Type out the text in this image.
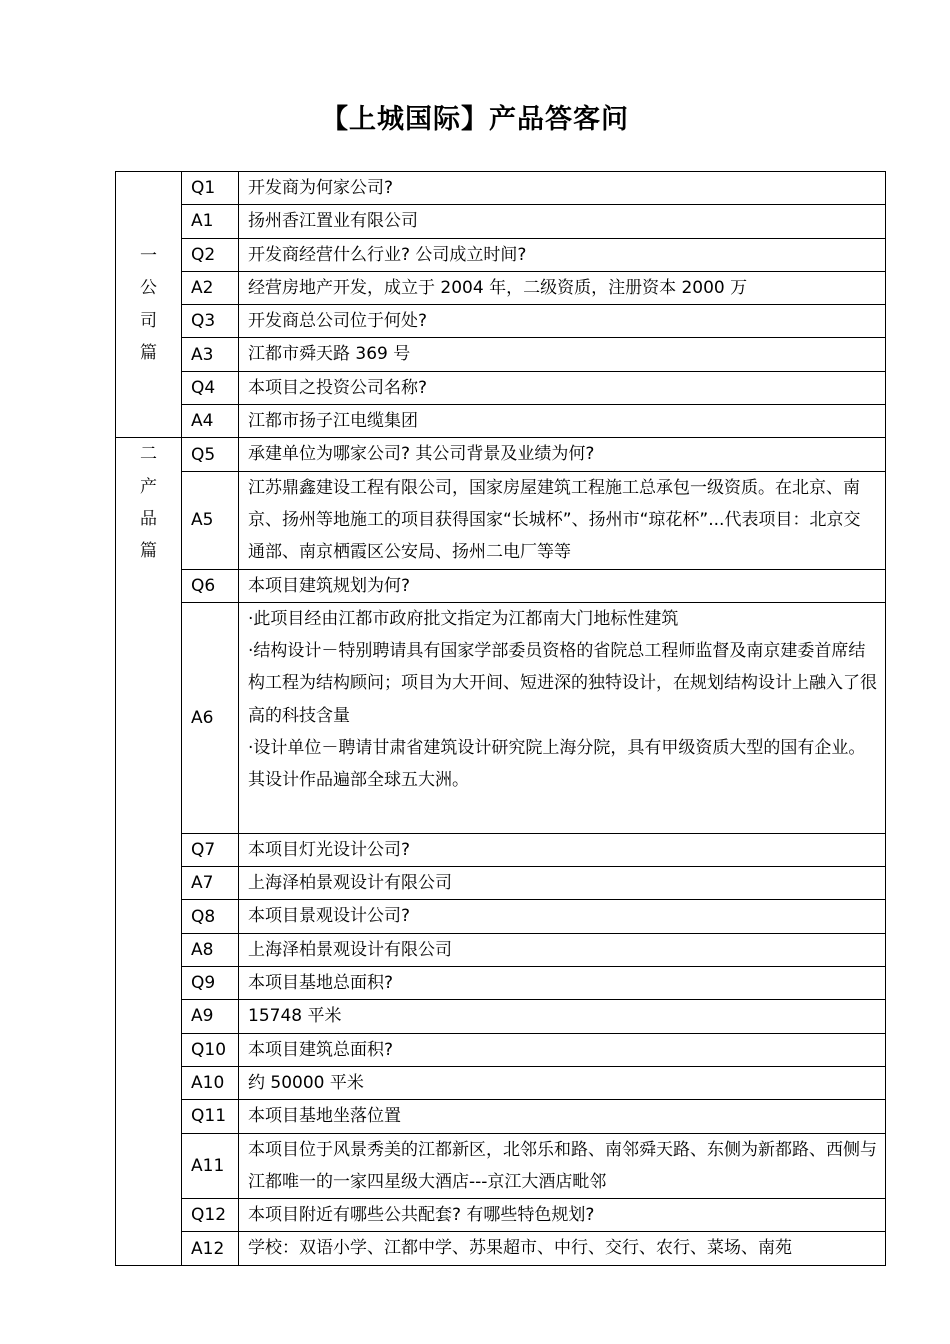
【上城国际】产品答客问
一
公
司
篇	Q1	开发商为何家公司?
	A1	扬州香江置业有限公司
	Q2	开发商经营什么行业? 公司成立时间?
	A2	经营房地产开发，成立于 2004 年，二级资质，注册资本 2000 万
	Q3	开发商总公司位于何处?
	A3	江都市舜天路 369 号
	Q4	本项目之投资公司名称?
	A4	江都市扬子江电缆集团

二
产
品
篇	Q5	承建单位为哪家公司? 其公司背景及业绩为何?
	A5	江苏鼎鑫建设工程有限公司，国家房屋建筑工程施工总承包一级资质。在北京、南京、扬州等地施工的项目获得国家“长城杯”、扬州市“琼花杯”...代表项目：北京交通部、南京栖霞区公安局、扬州二电厂等等
	Q6	本项目建筑规划为何?
	A6	·此项目经由江都市政府批文指定为江都南大门地标性建筑
·结构设计－特别聘请具有国家学部委员资格的省院总工程师监督及南京建委首席结构工程为结构顾问；项目为大开间、短进深的独特设计，在规划结构设计上融入了很高的科技含量
·设计单位－聘请甘肃省建筑设计研究院上海分院，具有甲级资质大型的国有企业。其设计作品遍部全球五大洲。

	Q7	本项目灯光设计公司?
	A7	上海泽柏景观设计有限公司
	Q8	本项目景观设计公司?
	A8	上海泽柏景观设计有限公司
	Q9	本项目基地总面积?
	A9	15748 平米
	Q10	本项目建筑总面积?
	A10	约 50000 平米
	Q11	本项目基地坐落位置
	A11	本项目位于风景秀美的江都新区，北邻乐和路、南邻舜天路、东侧为新都路、西侧与江都唯一的一家四星级大酒店---京江大酒店毗邻
	Q12	本项目附近有哪些公共配套? 有哪些特色规划?
	A12	学校：双语小学、江都中学、苏果超市、中行、交行、农行、菜场、南苑
